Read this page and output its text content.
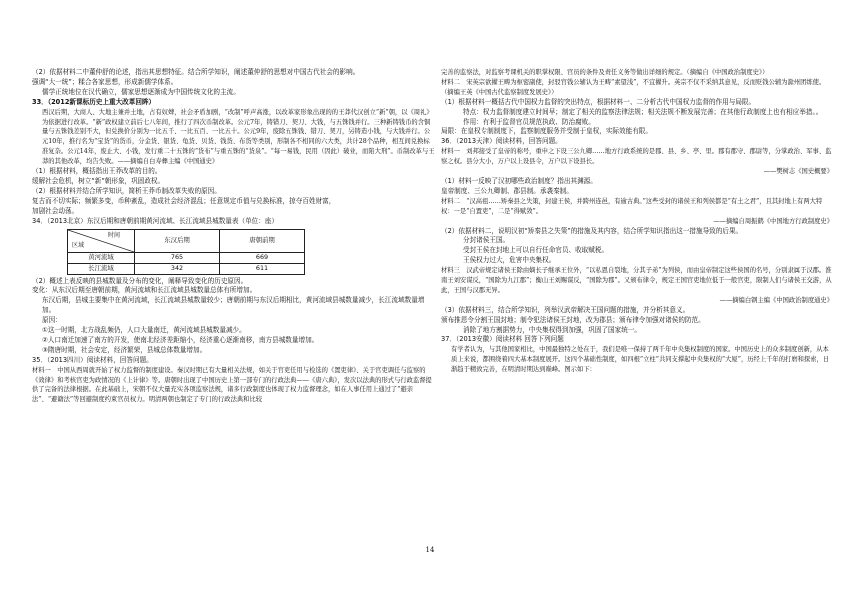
（2）依据材料二中董仲舒的论述，指出其思想特征。结合所学知识，阐述董仲舒的思想对中国古代社会的影响。

强调“大一统”；糅合各家思想，形成新儒学体系。

儒学正统地位在汉代确立，儒家思想逐渐成为中国传统文化的主流。

33．（2012新课标历史上重大改革回眸）

西汉后期，大商人、大地主兼并土地，占有奴婢，社会矛盾加剧，“改制”呼声高涨，以改革家形象出现的的王莽代汉创立“新”朝，以《周礼》为依据进行改革。“新”政权建立前后七八年间，推行了四次币制改革。公元7年，铸错刀、契刀、大钱，与五铢钱并行。三种新铸钱币的含铜量与五铢钱差别不大，但兑换价分别为一比五千、一比五百、一比五十。公元9年，废除五铢钱、错刀、契刀，另铸造小钱，与大钱并行。公元10年，推行名为“宝货”的货币，分金货、银货、龟货、贝货、钱货、布货等类别，形制各不相同的六大类，共计28个品种，相互间兑换标准复杂。公元14年，废止大、小钱，发行重二十五铢的“货布”与重五铢的“货泉”。“每一易钱，民用（因此）破业，而陷大刑”。币制改革与王莽的其他改革，均告失败。——摘编自白寿彝主编《中国通史》

（1）根据材料，概括指出王莽改革的目的。

缓解社会危机，树立“新”朝形象，巩固政权。

（2）根据材料并结合所学知识，简析王莽币制改革失败的原因。

复古而不切实际；频繁多变，币种紊乱，造成社会经济混乱；任意规定币值与兑换标准，掠夺百姓财富，

加剧社会动荡。

34．（2013北京）东汉后期和唐朝前期黄河流域、长江流域县城数量表（单位：座）

时间
区域	东汉后期	唐朝前期
黄河流域	765	669
长江流域	342	611

（2）概述上表反映的县城数量及分布的变化，阐释导致变化的历史原因。

变化：从东汉后期至唐朝前期，黄河流域和长江流域县城数量总体有所增加。

东汉后期，县城主要集中在黄河流域，长江流域县城数量较少；唐朝前期与东汉后期相比，黄河流域县城数量减少，长江流域数量增加。

原因：

①这一时期，北方战乱频仍，人口大量南迁，黄河流域县城数量减少。

②人口南迁加速了南方的开发，使南北经济差距缩小，经济重心逐渐南移，南方县城数量增加。

③隋唐时期，社会安定，经济繁荣，县城总体数量增加。

35．（2013四川）阅读材料，回答问题。

材料一　中国从西周就开始了权力监督的制度建设。秦汉时期已有大量相关法规，如关于官吏任用与检选的《置吏律》、关于官吏调任与监察的《效律》和考核官吏为政情况的《上计律》等。唐朝时出现了中国历史上第一部专门的行政法典——《唐六典》，发次以法典的形式与行政监督提供了完备的法律根据。在此基础上，宋朝不仅大量充实各项监察法规，诸多行政制度也体现了权力监督理念，如在人事任用上通过了“避亲法”、“避籍法”等回避制度约束官员权力。明清两朝也制定了专门的行政法典和比较

完善的监察法，对监察考课机关的职掌权限、官员的条件及责任义务等做出详细的规定。（摘编自《中国政治制度史》）

材料二　宋英宗欲擢王畴为枢密副使，封驳官钱公辅认为王畴“素望浅”，不宜擢升。英宗不仅不采纳其意见，反而贬钱公辅为滁州团练使。（摘编王英《中国古代监察制度发展史》）

（1）根据材料一概括古代中国权力监督的突出特点，根据材料一、二分析古代中国权力监督的作用与局限。

特点：权力监督制度建立时间早；制定了相关的监察法律法规；相关法规不断发展完善；在其他行政制度上也有相应举措。。

作用：有利于监督官员规范执政、防治腐败。

局限：在皇权专制制度下，监察制度服务并受制于皇权，实际效能有限。

36．（2013天津）阅读材料，回答问题。

材料一　刘邦接受了皇帝的称号，重申之下设三公九卿……地方行政系统的是郡、县、乡、亭、里。郡有郡守、郡尉等，分掌政治、军事、监察之权。县分大小，万户以上设县令，万户以下设县长。

——樊树志《国史概要》

（1）材料一反映了汉初哪些政治制度？指出其渊源。

皇帝制度、三公九卿制、郡县制。承袭秦制。

材料二　“汉高祖……矫秦县之失策，封建王侯，并跨州连邑，有逾古典。”这些受封的诸侯王和列侯都是“有土之君”，且其封地上有两大特权：一是“自置吏”，二是“得赋敛”。

——摘编自周振鹤《中国地方行政制度史》

（2）依据材料二，说明汉初“矫秦县之失策”的措施及其内容，结合所学知识指出这一措施导致的后果。

分封诸侯王国。

受封王侯在封地上可以自行任命官员、收取赋税。

王侯权力过大，危害中央集权。

材料三　汉武帝规定诸侯王除由嫡长子继承王位外，“以私恩自裂地，分其子弟”为列侯，而由皇帝制定这些侯国的名号，分别隶属于汉郡。淮南王刘安谋反，“国除为九江郡”；衡山王刘赐谋反，“国除为郡”。又颁布律令，规定王国官吏地位低于一般官吏，限制人们与诸侯王交游，从此，王国与汉郡无异。

——摘编白钢主编《中国政治制度通史》

（3）依据材料三，结合所学知识，列举汉武帝解决王国问题的措施，并分析其意义。

颁布推恩令分割王国封地；制令犯法诸侯王封地，改为郡县；颁布律令加强对诸侯的防范。

消除了地方割据势力，中央集权得到加强，巩固了国家统一。

37．（2013安徽）阅读材料 回答下列问题

有学者认为，与其他国家相比，中国最独特之处在于，我们是唯一保持了两千年中央集权制度的国家。中国历史上的众多制度创新，从本质上来说，都围绕着四大基本制度展开。这四个基础性制度，如四根“立柱”共同支撑起中央集权的“大厦”，历经上千年的打磨和探索，日渐趋于精致完善，在明清时期达到巅峰。图示如下：

14
